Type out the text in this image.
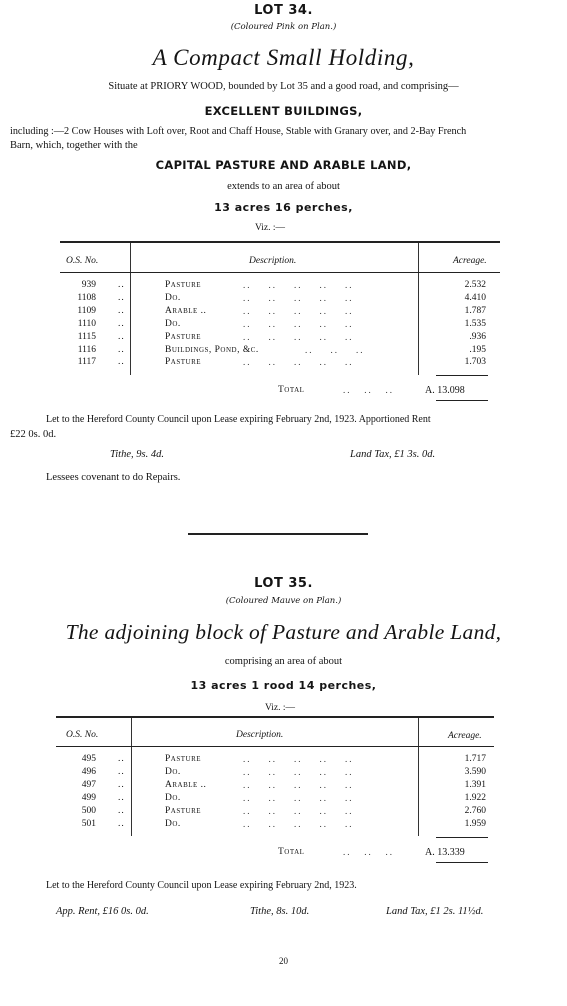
LOT 34.
(Coloured Pink on Plan.)
A Compact Small Holding,
Situate at PRIORY WOOD, bounded by Lot 35 and a good road, and comprising—
EXCELLENT BUILDINGS,
including :—2 Cow Houses with Loft over, Root and Chaff House, Stable with Granary over, and 2-Bay French
Barn, which, together with the
CAPITAL PASTURE AND ARABLE LAND,
extends to an area of about
13 acres 16 perches,
Viz. :—
O.S. No.	Description.	Acreage.
939 ..	Pasture	..    ..    ..    ..    ..	2.532
1108 ..	Do.	..    ..    ..    ..    ..	4.410
1109 ..	Arable ..	..    ..    ..    ..    ..	1.787
1110 ..	Do.	..    ..    ..    ..    ..	1.535
1115 ..	Pasture	..    ..    ..    ..    ..	.936
1116 ..	Buildings, Pond, &c.	..    ..    ..	.195
1117 ..	Pasture	..    ..    ..    ..    ..	1.703
Total	..   ..   ..	A. 13.098
Let to the Hereford County Council upon Lease expiring February 2nd, 1923. Apportioned Rent
£22 0s. 0d.
Tithe, 9s. 4d.	Land Tax, £1 3s. 0d.
Lessees covenant to do Repairs.
LOT 35.
(Coloured Mauve on Plan.)
The adjoining block of Pasture and Arable Land,
comprising an area of about
13 acres 1 rood 14 perches,
Viz. :—
O.S. No.	Description.	Acreage.
495 ..	Pasture	..    ..    ..    ..    ..	1.717
496 ..	Do.	..    ..    ..    ..    ..	3.590
497 ..	Arable ..	..    ..    ..    ..    ..	1.391
499 ..	Do.	..    ..    ..    ..    ..	1.922
500 ..	Pasture	..    ..    ..    ..    ..	2.760
501 ..	Do.	..    ..    ..    ..    ..	1.959
Total	..   ..   ..	A. 13.339
Let to the Hereford County Council upon Lease expiring February 2nd, 1923.
App. Rent, £16 0s. 0d.	Tithe, 8s. 10d.	Land Tax, £1 2s. 11½d.
20
